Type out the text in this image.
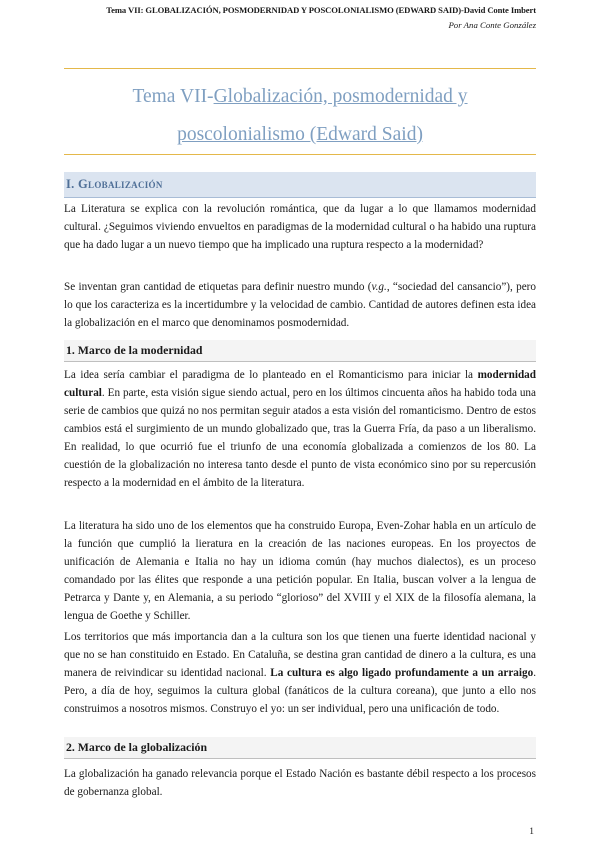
Tema VII: GLOBALIZACIÓN, POSMODERNIDAD Y POSCOLONIALISMO (EDWARD SAID)-David Conte Imbert
Por Ana Conte González
Tema VII-Globalización, posmodernidad y
poscolonialismo (Edward Said)
I. Globalización

La Literatura se explica con la revolución romántica, que da lugar a lo que llamamos modernidad cultural. ¿Seguimos viviendo envueltos en paradigmas de la modernidad cultural o ha habido una ruptura que ha dado lugar a un nuevo tiempo que ha implicado una ruptura respecto a la modernidad?

Se inventan gran cantidad de etiquetas para definir nuestro mundo (v.g., “sociedad del cansancio”), pero lo que los caracteriza es la incertidumbre y la velocidad de cambio. Cantidad de autores definen esta idea la globalización en el marco que denominamos posmodernidad.

1. Marco de la modernidad

La idea sería cambiar el paradigma de lo planteado en el Romanticismo para iniciar la modernidad cultural. En parte, esta visión sigue siendo actual, pero en los últimos cincuenta años ha habido toda una serie de cambios que quizá no nos permitan seguir atados a esta visión del romanticismo. Dentro de estos cambios está el surgimiento de un mundo globalizado que, tras la Guerra Fría, da paso a un liberalismo. En realidad, lo que ocurrió fue el triunfo de una economía globalizada a comienzos de los 80. La cuestión de la globalización no interesa tanto desde el punto de vista económico sino por su repercusión respecto a la modernidad en el ámbito de la literatura.

La literatura ha sido uno de los elementos que ha construido Europa, Even-Zohar habla en un artículo de la función que cumplió la lieratura en la creación de las naciones europeas. En los proyectos de unificación de Alemania e Italia no hay un idioma común (hay muchos dialectos), es un proceso comandado por las élites que responde a una petición popular. En Italia, buscan volver a la lengua de Petrarca y Dante y, en Alemania, a su periodo “glorioso” del XVIII y el XIX de la filosofía alemana, la lengua de Goethe y Schiller.

Los territorios que más importancia dan a la cultura son los que tienen una fuerte identidad nacional y que no se han constituido en Estado. En Cataluña, se destina gran cantidad de dinero a la cultura, es una manera de reivindicar su identidad nacional. La cultura es algo ligado profundamente a un arraigo. Pero, a día de hoy, seguimos la cultura global (fanáticos de la cultura coreana), que junto a ello nos construimos a nosotros mismos. Construyo el yo: un ser individual, pero una unificación de todo.

2. Marco de la globalización

La globalización ha ganado relevancia porque el Estado Nación es bastante débil respecto a los procesos de gobernanza global.

1
